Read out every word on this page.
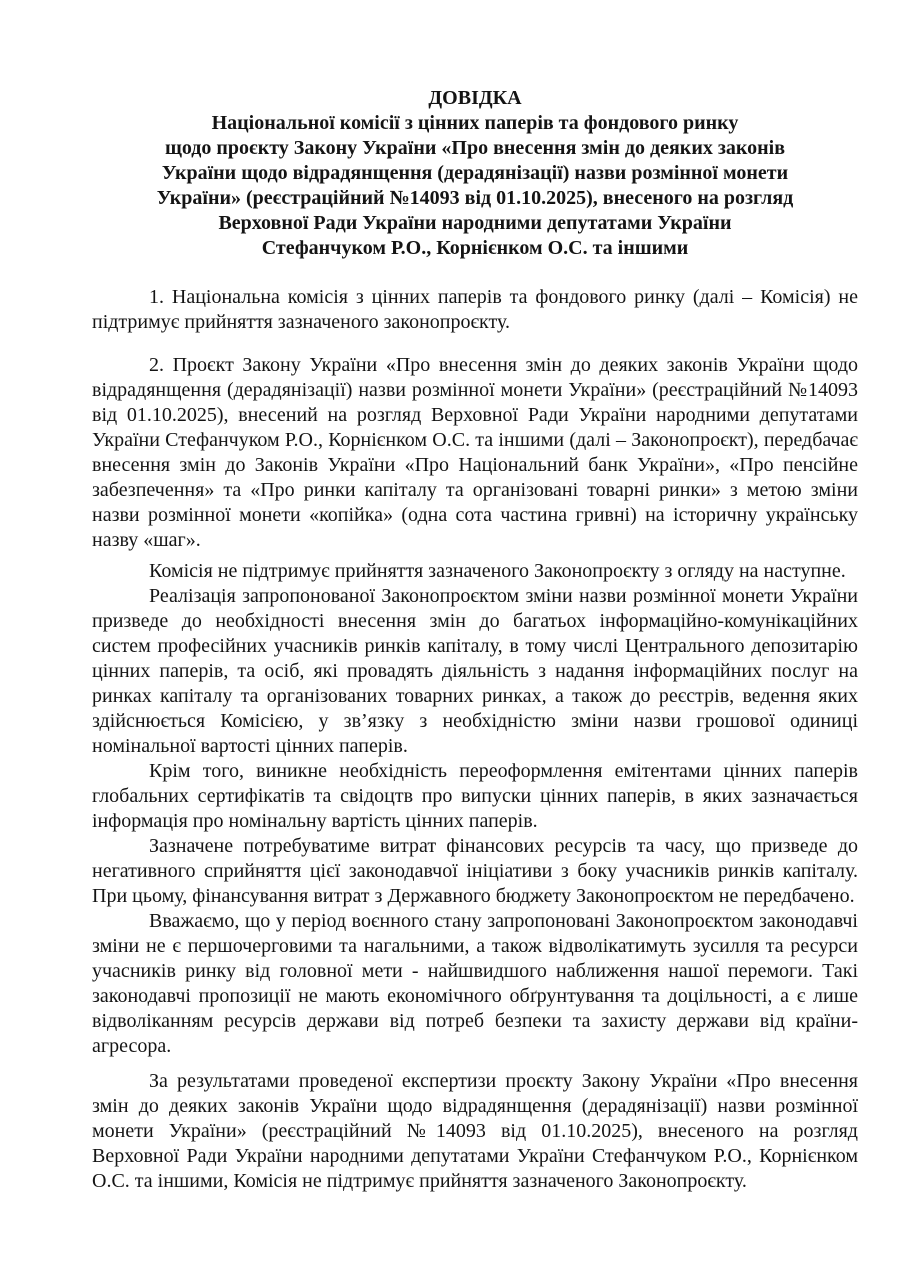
ДОВІДКА
Національної комісії з цінних паперів та фондового ринку
щодо проєкту Закону України «Про внесення змін до деяких законів
України щодо відрадянщення (дерадянізації) назви розмінної монети
України» (реєстраційний №14093 від 01.10.2025), внесеного на розгляд
Верховної Ради України народними депутатами України
Стефанчуком Р.О., Корнієнком О.С. та іншими

1. Національна комісія з цінних паперів та фондового ринку (далі – Комісія) не підтримує прийняття зазначеного законопроєкту.

2. Проєкт Закону України «Про внесення змін до деяких законів України щодо відрадянщення (дерадянізації) назви розмінної монети України» (реєстраційний №14093 від 01.10.2025), внесений на розгляд Верховної Ради України народними депутатами України Стефанчуком Р.О., Корнієнком О.С. та іншими (далі – Законопроєкт), передбачає внесення змін до Законів України «Про Національний банк України», «Про пенсійне забезпечення» та «Про ринки капіталу та організовані товарні ринки» з метою зміни назви розмінної монети «копійка» (одна сота частина гривні) на історичну українську назву «шаг».

Комісія не підтримує прийняття зазначеного Законопроєкту з огляду на наступне.

Реалізація запропонованої Законопроєктом зміни назви розмінної монети України призведе до необхідності внесення змін до багатьох інформаційно-комунікаційних систем професійних учасників ринків капіталу, в тому числі Центрального депозитарію цінних паперів, та осіб, які провадять діяльність з надання інформаційних послуг на ринках капіталу та організованих товарних ринках, а також до реєстрів, ведення яких здійснюється Комісією, у зв’язку з необхідністю зміни назви грошової одиниці номінальної вартості цінних паперів.

Крім того, виникне необхідність переоформлення емітентами цінних паперів глобальних сертифікатів та свідоцтв про випуски цінних паперів, в яких зазначається інформація про номінальну вартість цінних паперів.

Зазначене потребуватиме витрат фінансових ресурсів та часу, що призведе до негативного сприйняття цієї законодавчої ініціативи з боку учасників ринків капіталу. При цьому, фінансування витрат з Державного бюджету Законопроєктом не передбачено.

Вважаємо, що у період воєнного стану запропоновані Законопроєктом законодавчі зміни не є першочерговими та нагальними, а також відволікатимуть зусилля та ресурси учасників ринку від головної мети - найшвидшого наближення нашої перемоги. Такі законодавчі пропозиції не мають економічного обґрунтування та доцільності, а є лише відволіканням ресурсів держави від потреб безпеки та захисту держави від країни-агресора.

За результатами проведеної експертизи проєкту Закону України «Про внесення змін до деяких законів України щодо відрадянщення (дерадянізації) назви розмінної монети України» (реєстраційний №14093 від 01.10.2025), внесеного на розгляд Верховної Ради України народними депутатами України Стефанчуком Р.О., Корнієнком О.С. та іншими, Комісія не підтримує прийняття зазначеного Законопроєкту.
